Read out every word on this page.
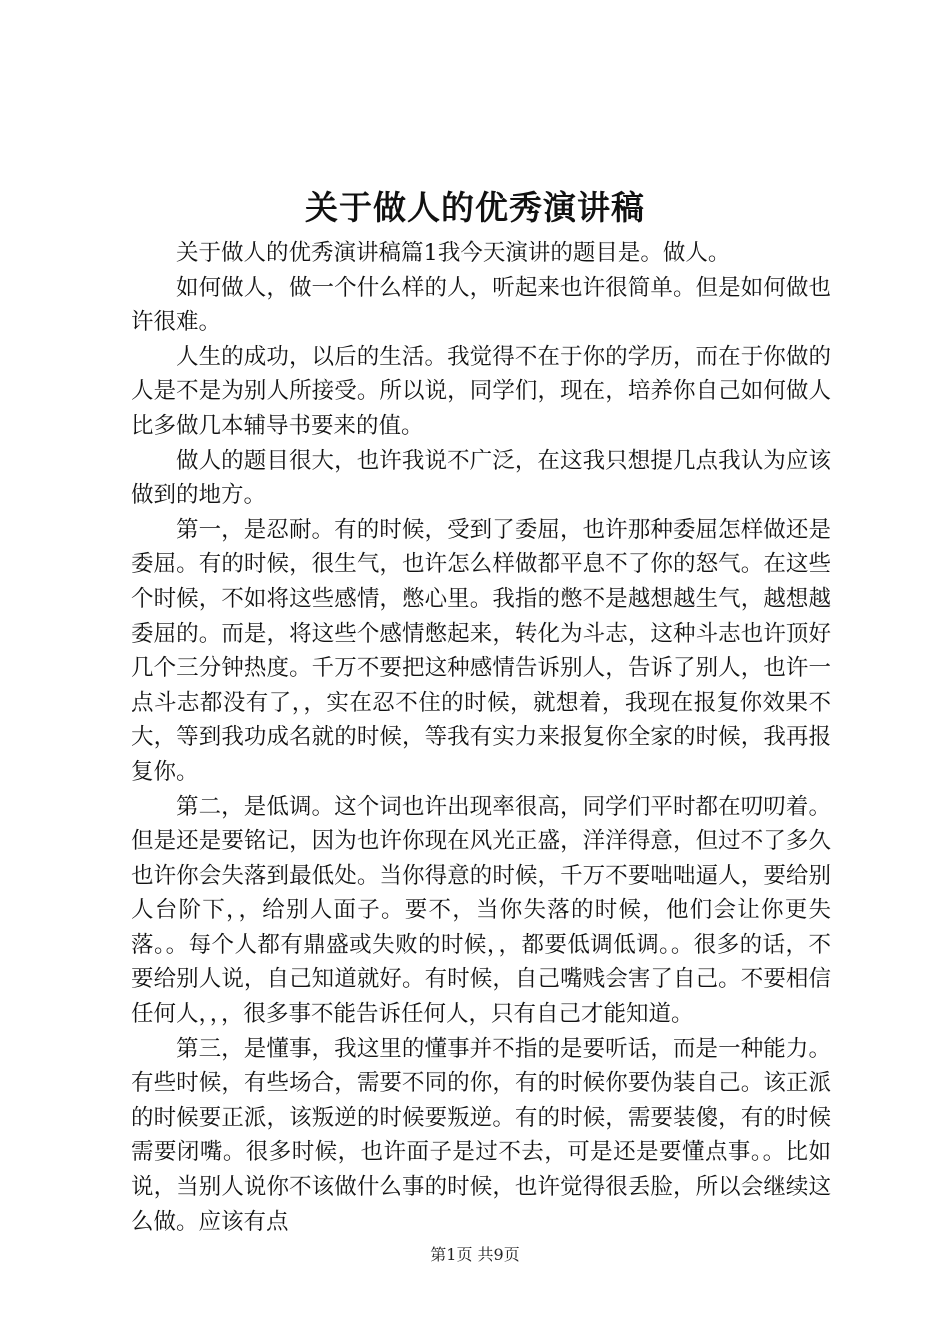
关于做人的优秀演讲稿

关于做人的优秀演讲稿篇1我今天演讲的题目是。做人。

如何做人，做一个什么样的人，听起来也许很简单。但是如何做也许很难。

人生的成功，以后的生活。我觉得不在于你的学历，而在于你做的人是不是为别人所接受。所以说，同学们，现在，培养你自己如何做人比多做几本辅导书要来的值。

做人的题目很大，也许我说不广泛，在这我只想提几点我认为应该做到的地方。

第一，是忍耐。有的时候，受到了委屈，也许那种委屈怎样做还是委屈。有的时候，很生气，也许怎么样做都平息不了你的怒气。在这些个时候，不如将这些感情，憋心里。我指的憋不是越想越生气，越想越委屈的。而是，将这些个感情憋起来，转化为斗志，这种斗志也许顶好几个三分钟热度。千万不要把这种感情告诉别人，告诉了别人，也许一点斗志都没有了，，实在忍不住的时候，就想着，我现在报复你效果不大，等到我功成名就的时候，等我有实力来报复你全家的时候，我再报复你。

第二，是低调。这个词也许出现率很高，同学们平时都在叨叨着。但是还是要铭记，因为也许你现在风光正盛，洋洋得意，但过不了多久也许你会失落到最低处。当你得意的时候，千万不要咄咄逼人，要给别人台阶下，，给别人面子。要不，当你失落的时候，他们会让你更失落。。每个人都有鼎盛或失败的时候，，都要低调低调。。很多的话，不要给别人说，自己知道就好。有时候，自己嘴贱会害了自己。不要相信任何人，，，很多事不能告诉任何人，只有自己才能知道。

第三，是懂事，我这里的懂事并不指的是要听话，而是一种能力。有些时候，有些场合，需要不同的你，有的时候你要伪装自己。该正派的时候要正派，该叛逆的时候要叛逆。有的时候，需要装傻，有的时候需要闭嘴。很多时候，也许面子是过不去，可是还是要懂点事。。比如说，当别人说你不该做什么事的时候，也许觉得很丢脸，所以会继续这么做。应该有点

第1页 共9页
